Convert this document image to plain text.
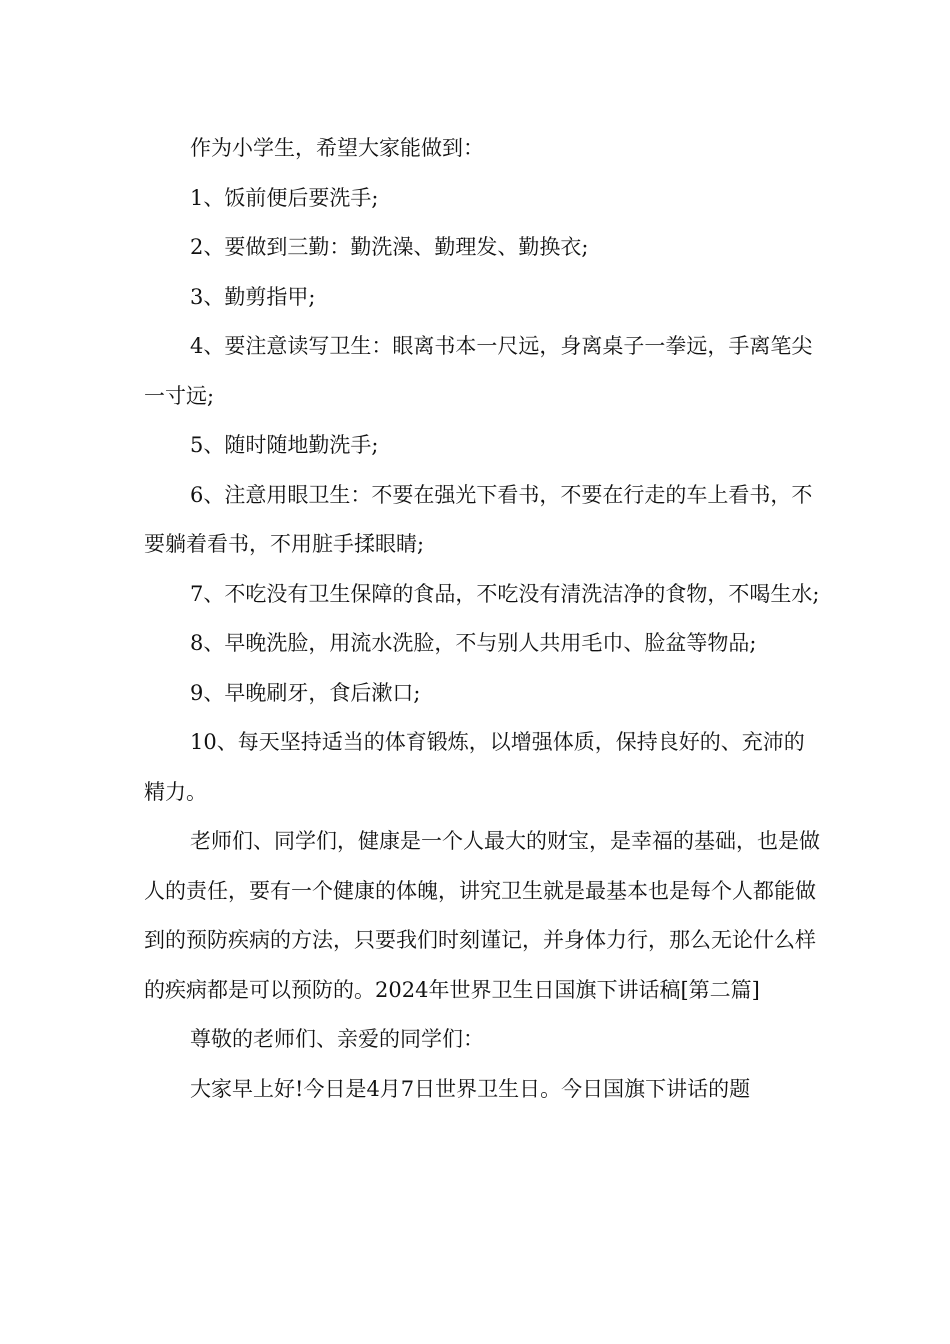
作为小学生，希望大家能做到：

1、饭前便后要洗手;

2、要做到三勤：勤洗澡、勤理发、勤换衣;

3、勤剪指甲;

4、要注意读写卫生：眼离书本一尺远，身离桌子一拳远，手离笔尖一寸远;

5、随时随地勤洗手;

6、注意用眼卫生：不要在强光下看书，不要在行走的车上看书，不要躺着看书，不用脏手揉眼睛;

7、不吃没有卫生保障的食品，不吃没有清洗洁净的食物，不喝生水;

8、早晚洗脸，用流水洗脸，不与别人共用毛巾、脸盆等物品;

9、早晚刷牙，食后漱口;

10、每天坚持适当的体育锻炼，以增强体质，保持良好的、充沛的精力。

老师们、同学们，健康是一个人最大的财宝，是幸福的基础，也是做人的责任，要有一个健康的体魄，讲究卫生就是最基本也是每个人都能做到的预防疾病的方法，只要我们时刻谨记，并身体力行，那么无论什么样的疾病都是可以预防的。2024年世界卫生日国旗下讲话稿[第二篇]

尊敬的老师们、亲爱的同学们：

大家早上好!今日是4月7日世界卫生日。今日国旗下讲话的题
